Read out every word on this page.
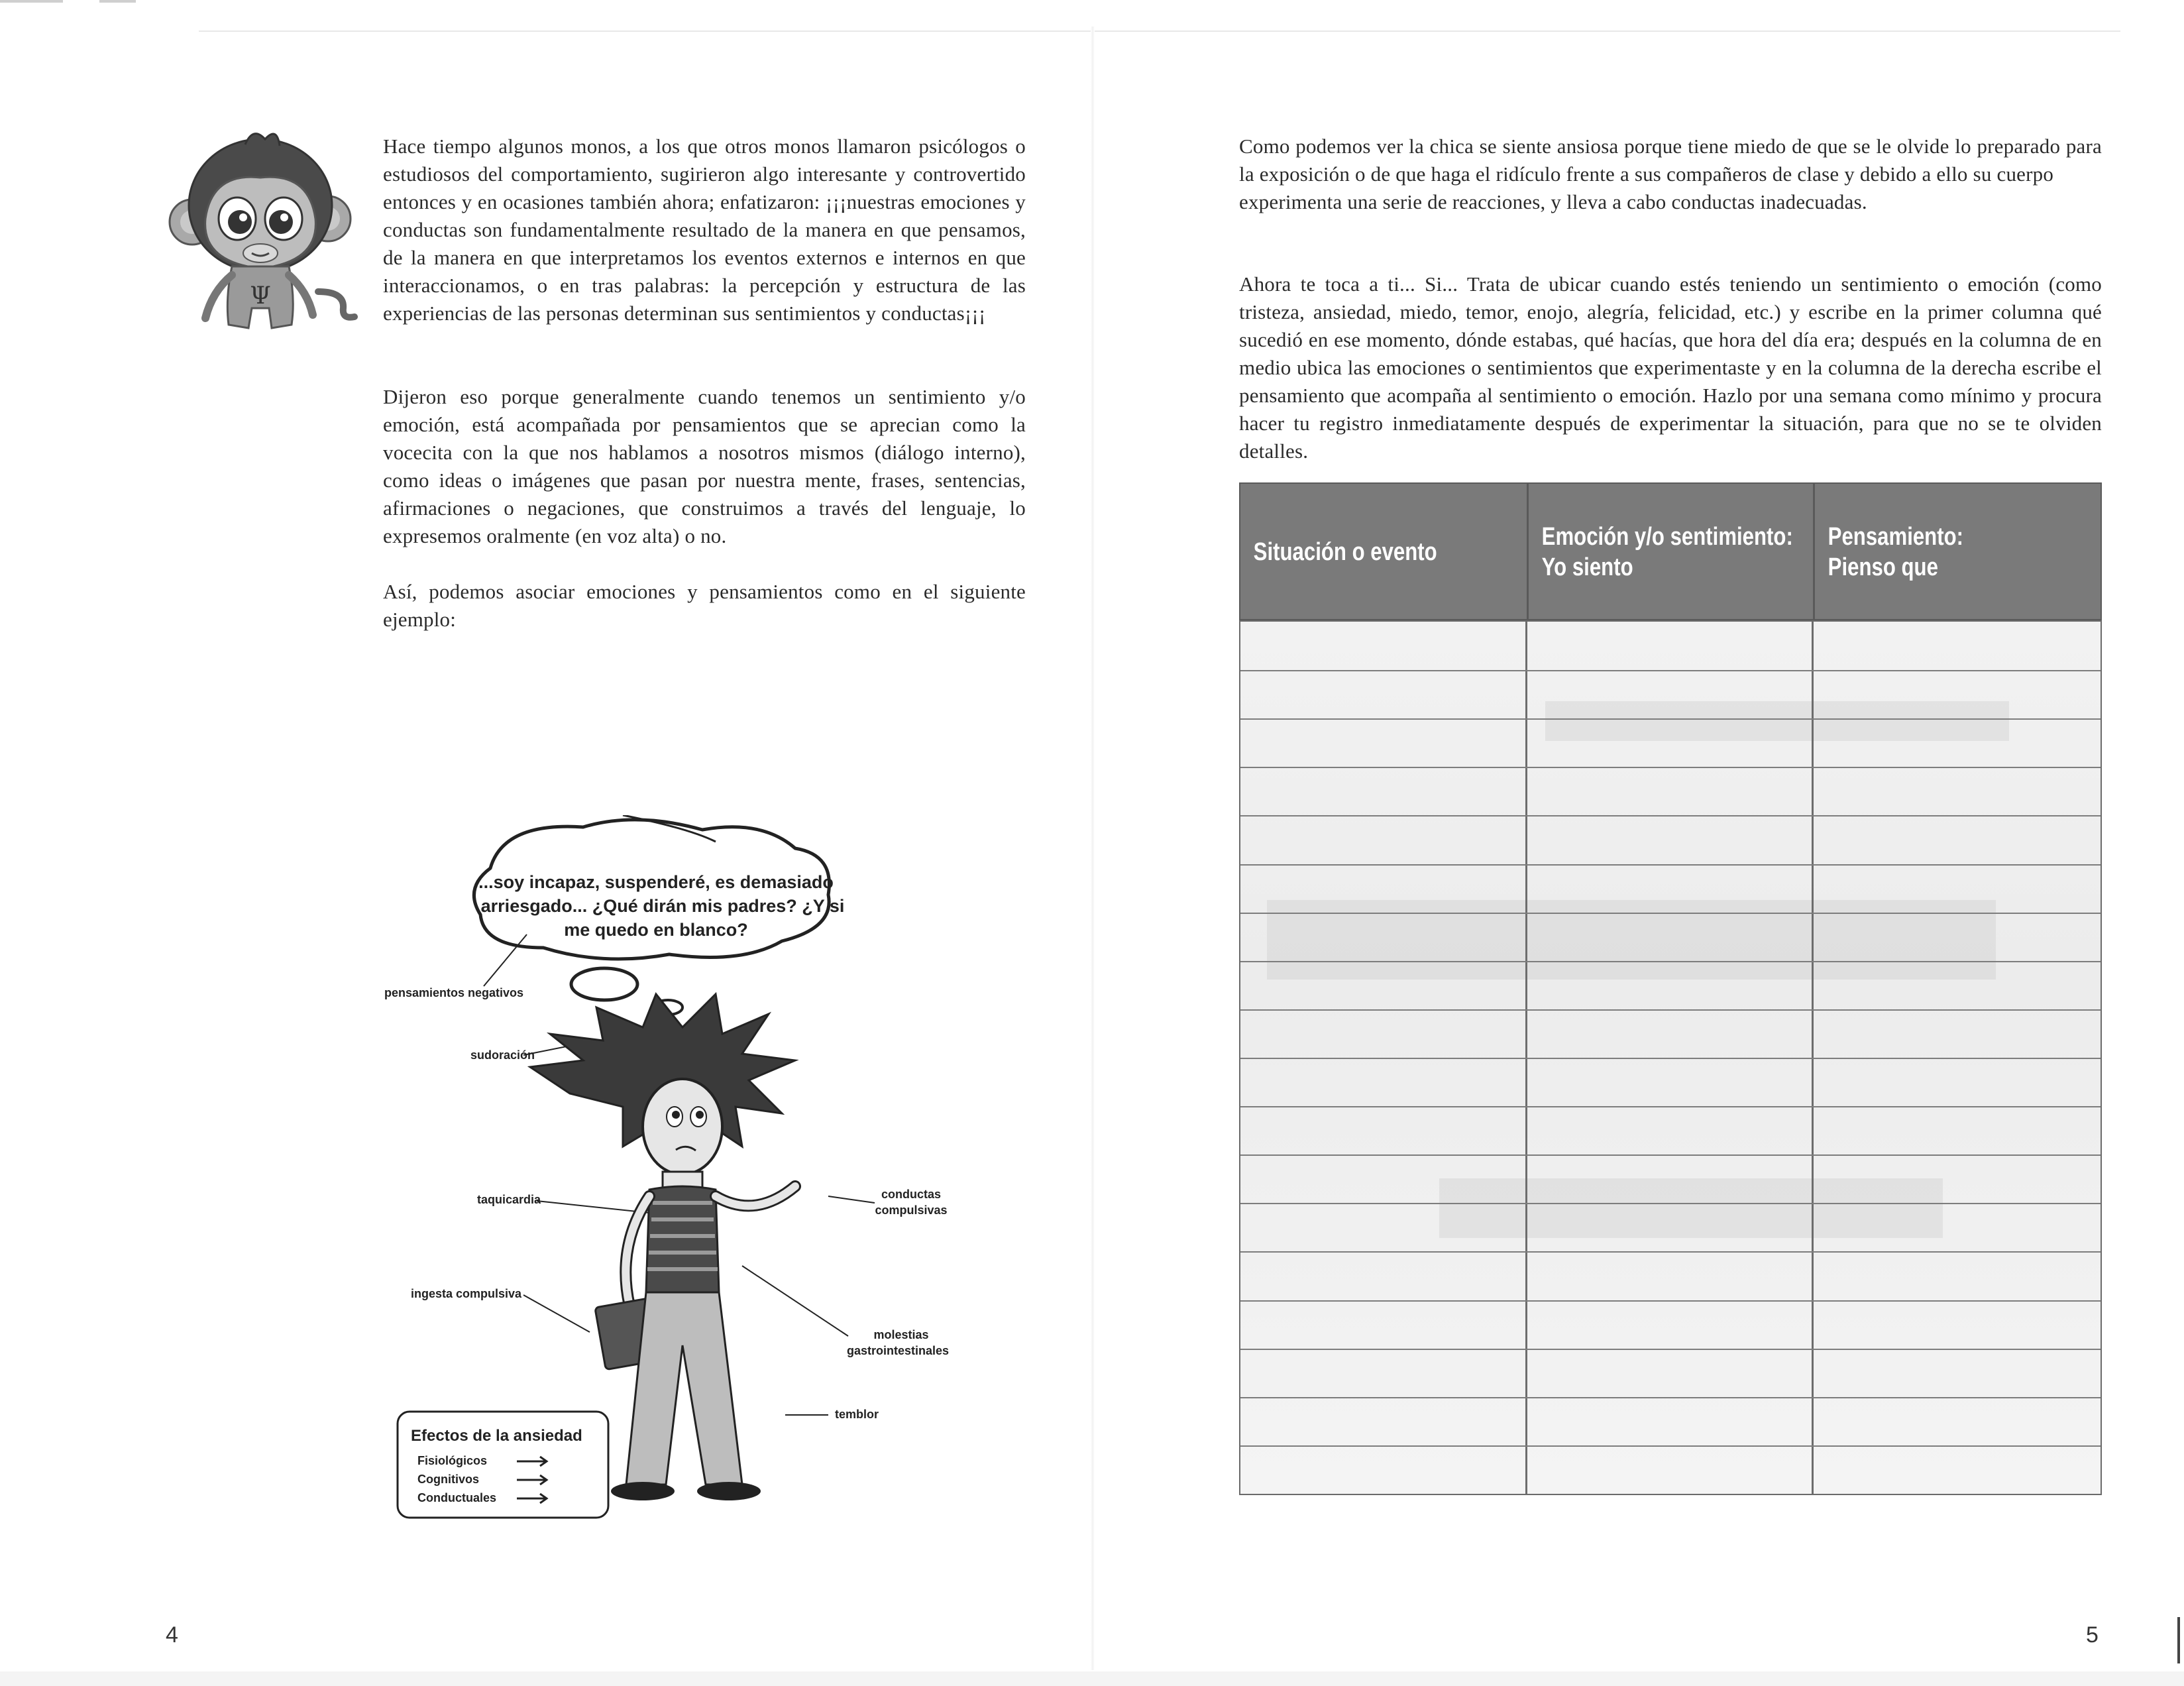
Ψ

Hace tiempo algunos monos, a los que otros monos llamaron psicólogos o estudiosos del comportamiento, sugirieron algo interesante y controvertido entonces y en ocasiones también ahora; enfatizaron: ¡¡¡nuestras emociones y conductas son fundamentalmente resultado de la manera en que pensamos, de la manera en que interpretamos los eventos externos e internos en que interaccionamos, o en tras palabras: la percepción y estructura de las experiencias de las personas determinan sus sentimientos y conductas¡¡¡

Dijeron eso porque generalmente cuando tenemos un sentimiento y/o emoción, está acompañada por pensamientos que se aprecian como la vocecita con la que nos hablamos a nosotros mismos (diálogo interno), como ideas o imágenes que pasan por nuestra mente, frases, sentencias, afirmaciones o negaciones, que construimos a través del lenguaje, lo expresemos oralmente (en voz alta) o no.

Así, podemos asociar emociones y pensamientos como en el siguiente ejemplo:

...soy incapaz, suspenderé, es demasiado
arriesgado... ¿Qué dirán mis padres? ¿Y si
me quedo en blanco?
pensamientos negativos
sudoración
taquicardia	conductas
compulsivas
ingesta compulsiva
molestias
gastrointestinales
temblor
Efectos de la ansiedad
Fisiológicos
Cognitivos
Conductuales
4

Como podemos ver la chica se siente ansiosa porque tiene miedo de que se le olvide lo preparado para la exposición o de que haga el ridículo frente a sus compañeros de clase y debido a ello su cuerpo
experimenta una serie de reacciones, y lleva a cabo conductas inadecuadas.

Ahora te toca a ti... Si... Trata de ubicar cuando estés teniendo un sentimiento o emoción (como tristeza, ansiedad, miedo, temor, enojo, alegría, felicidad, etc.) y escribe en la primer columna qué sucedió en ese momento, dónde estabas, qué hacías, que hora del día era; después en la columna de en medio ubica las emociones o sentimientos que experimentaste y en la columna de la derecha escribe el pensamiento que acompaña al sentimiento o emoción. Hazlo por una semana como mínimo y procura hacer tu registro inmediatamente después de experimentar la situación, para que no se te olviden detalles.

Situación o evento
Emoción y/o sentimiento:
Yo siento
Pensamiento:
Pienso que
5
